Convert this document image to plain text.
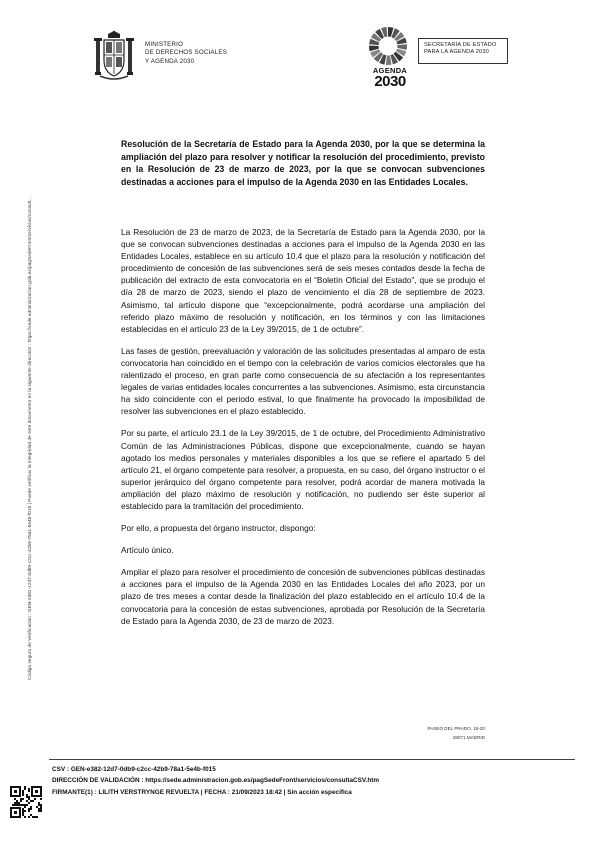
MINISTERIO
DE DERECHOS SOCIALES
Y AGENDA 2030
AGENDA
2030
SECRETARÍA DE ESTADO
PARA LA AGENDA 2030
Código seguro de Verificación : GEN-e382-12d7-0db9-c2cc-42b9-78a1-5e4b-f015 | Puede verificar la integridad de este documento en la siguiente dirección : https://sede.administracion.gob.es/pagSedeFront/servicios/consult...
Resolución de la Secretaría de Estado para la Agenda 2030, por la que se determina la ampliación del plazo para resolver y notificar la resolución del procedimiento, previsto en la Resolución de 23 de marzo de 2023, por la que se convocan subvenciones destinadas a acciones para el impulso de la Agenda 2030 en las Entidades Locales.

La Resolución de 23 de marzo de 2023, de la Secretaría de Estado para la Agenda 2030, por la que se convocan subvenciones destinadas a acciones para el impulso de la Agenda 2030 en las Entidades Locales, establece en su artículo 10.4 que el plazo para la resolución y notificación del procedimiento de concesión de las subvenciones será de seis meses contados desde la fecha de publicación del extracto de esta convocatoria en el “Boletín Oficial del Estado”, que se produjo el día 28 de marzo de 2023, siendo el plazo de vencimiento el día 28 de septiembre de 2023. Asimismo, tal artículo dispone que “excepcionalmente, podrá acordarse una ampliación del referido plazo máximo de resolución y notificación, en los términos y con las limitaciones establecidas en el artículo 23 de la Ley 39/2015, de 1 de octubre”.

Las fases de gestión, preevaluación y valoración de las solicitudes presentadas al amparo de esta convocatoria han coincidido en el tiempo con la celebración de varios comicios electorales que ha ralentizado el proceso, en gran parte como consecuencia de su afectación a los representantes legales de varias entidades locales concurrentes a las subvenciones. Asimismo, esta circunstancia ha sido coincidente con el periodo estival, lo que finalmente ha provocado la imposibilidad de resolver las subvenciones en el plazo establecido.

Por su parte, el artículo 23.1 de la Ley 39/2015, de 1 de octubre, del Procedimiento Administrativo Común de las Administraciones Públicas, dispone que excepcionalmente, cuando se hayan agotado los medios personales y materiales disponibles a los que se refiere el apartado 5 del artículo 21, el órgano competente para resolver, a propuesta, en su caso, del órgano instructor o el superior jerárquico del órgano competente para resolver, podrá acordar de manera motivada la ampliación del plazo máximo de resolución y notificación, no pudiendo ser éste superior al establecido para la tramitación del procedimiento.

Por ello, a propuesta del órgano instructor, dispongo:

Artículo único.

Ampliar el plazo para resolver el procedimiento de concesión de subvenciones públicas destinadas a acciones para el impulso de la Agenda 2030 en las Entidades Locales del año 2023, por un plazo de tres meses a contar desde la finalización del plazo establecido en el artículo 10.4 de la convocatoria para la concesión de estas subvenciones, aprobada por Resolución de la Secretaría de Estado para la Agenda 2030, de 23 de marzo de 2023.

PASEO DEL PRADO, 18-20
28071 MADRID
CSV : GEN-e382-12d7-0db9-c2cc-42b9-78a1-5e4b-f015
DIRECCIÓN DE VALIDACIÓN : https://sede.administracion.gob.es/pagSedeFront/servicios/consultaCSV.htm
FIRMANTE(1) : LILITH VERSTRYNGE REVUELTA | FECHA : 21/09/2023 18:42 | Sin acción específica
